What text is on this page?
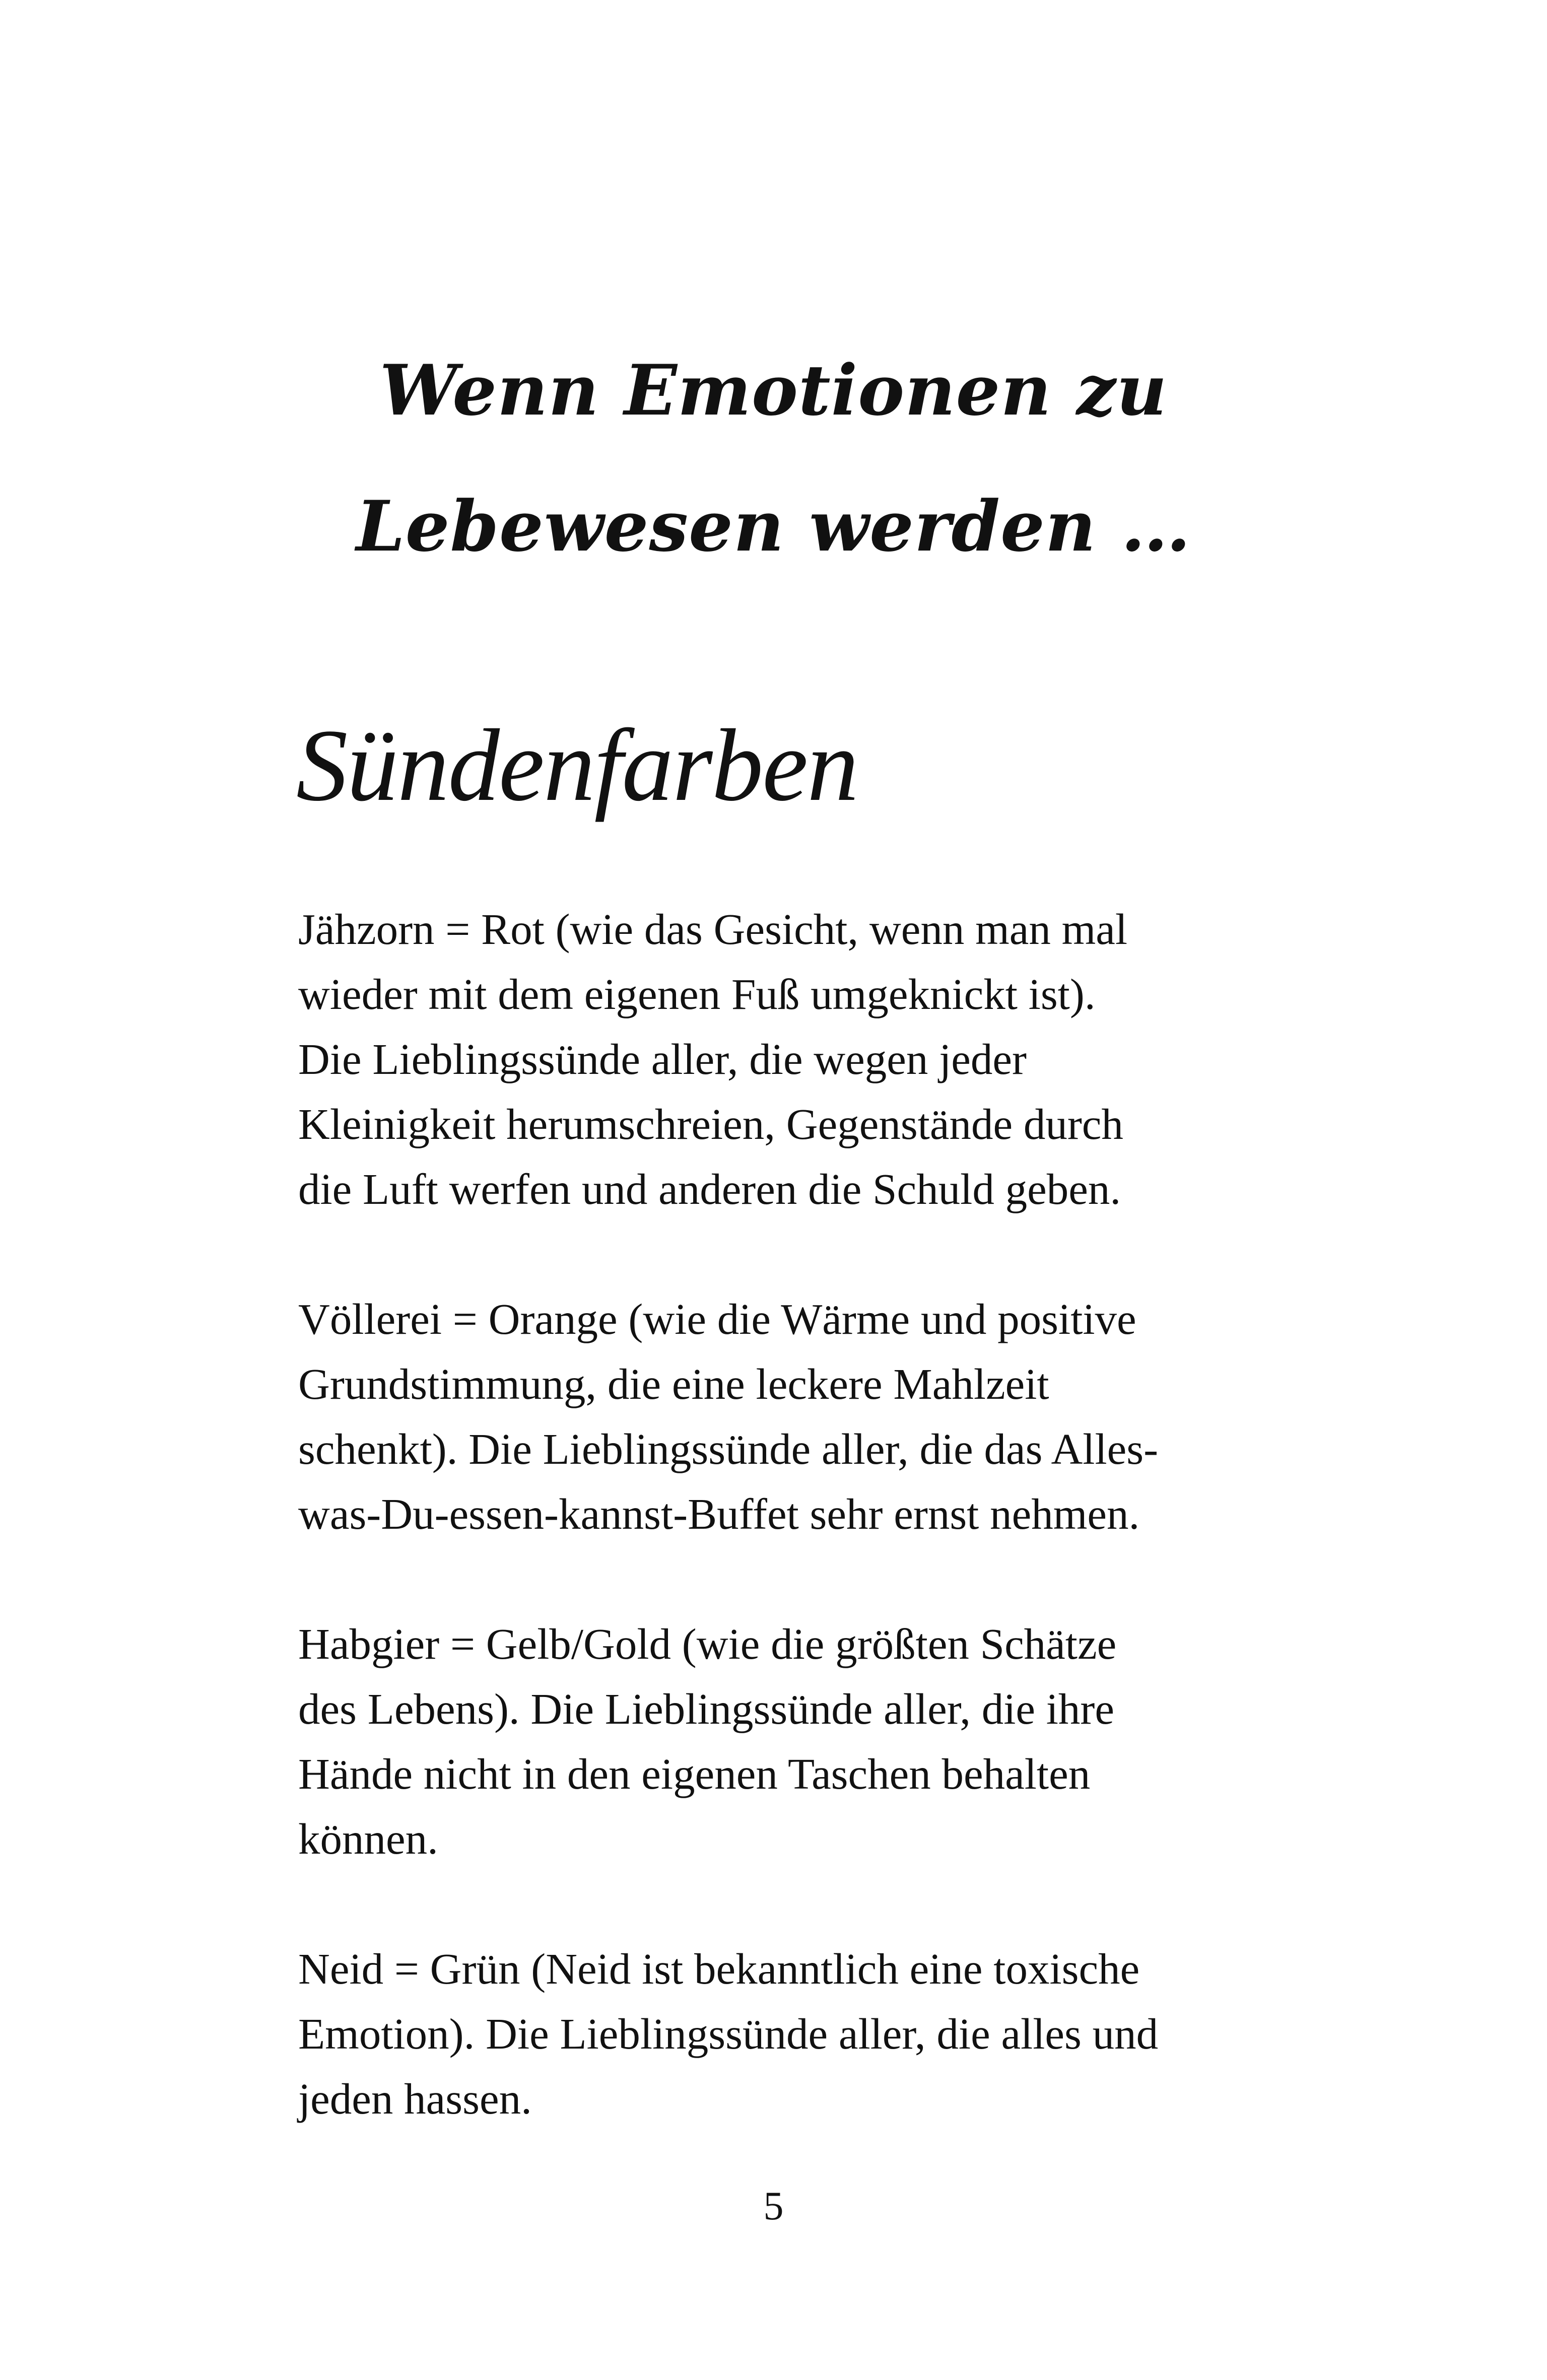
Wenn Emotionen zu
Lebewesen werden …
Sündenfarben

Jähzorn = Rot (wie das Gesicht, wenn man mal
wieder mit dem eigenen Fuß umgeknickt ist).
Die Lieblingssünde aller, die wegen jeder
Kleinigkeit herumschreien, Gegenstände durch
die Luft werfen und anderen die Schuld geben.

Völlerei = Orange (wie die Wärme und positive
Grundstimmung, die eine leckere Mahlzeit
schenkt). Die Lieblingssünde aller, die das Alles-
was-Du-essen-kannst-Buffet sehr ernst nehmen.

Habgier = Gelb/Gold (wie die größten Schätze
des Lebens). Die Lieblingssünde aller, die ihre
Hände nicht in den eigenen Taschen behalten
können.

Neid = Grün (Neid ist bekanntlich eine toxische
Emotion). Die Lieblingssünde aller, die alles und
jeden hassen.

5
